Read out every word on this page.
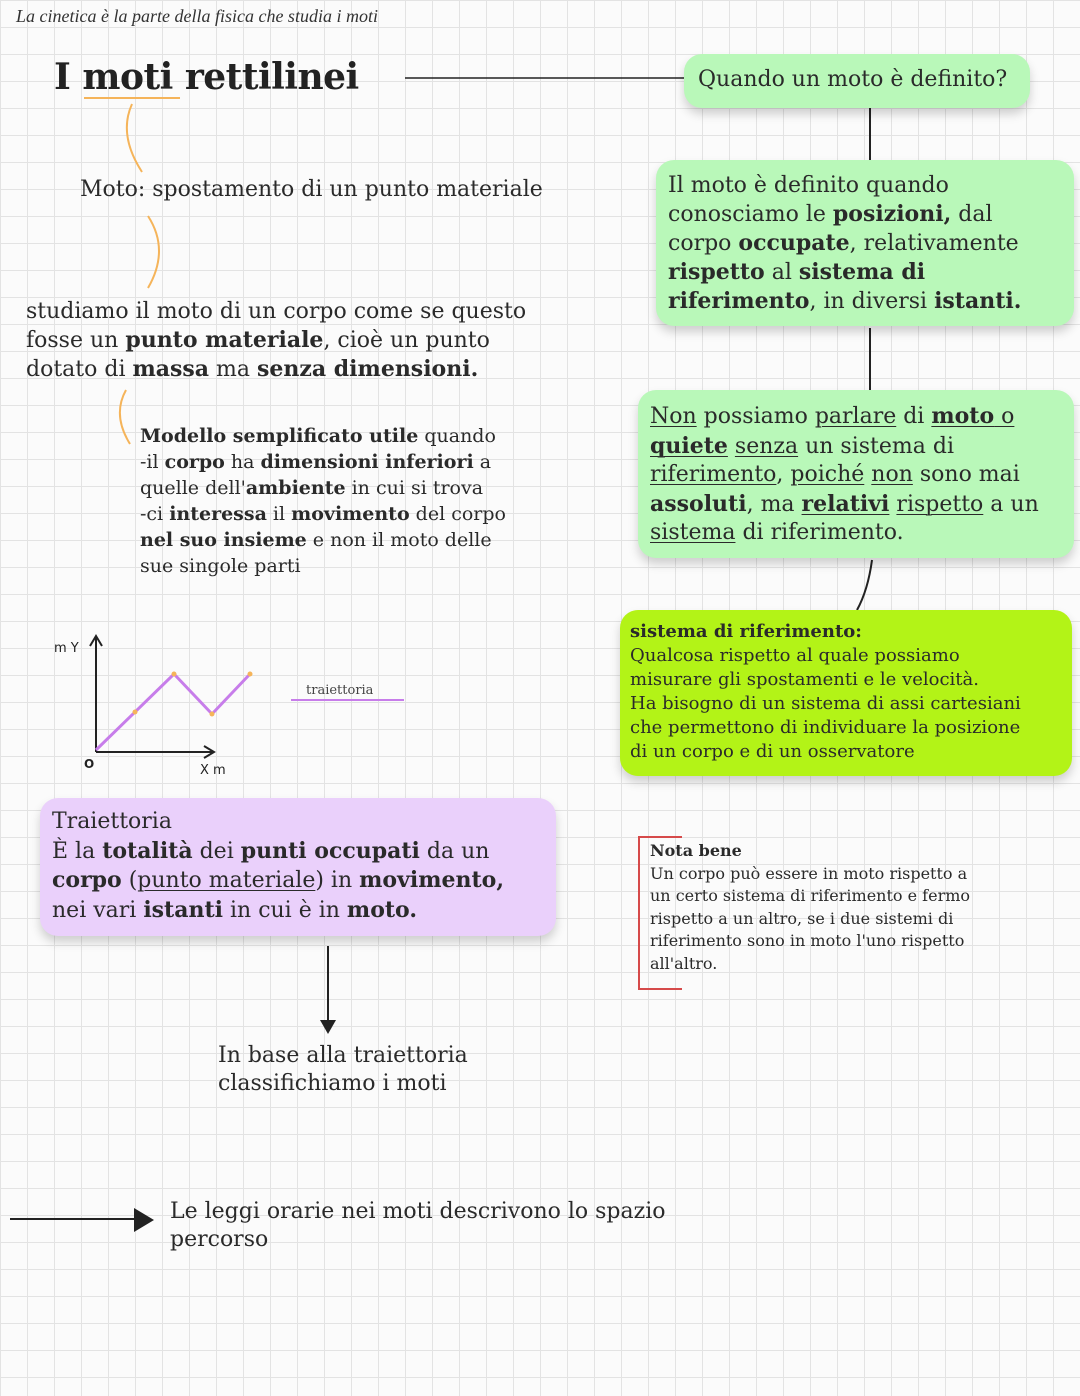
La cinetica è la parte della fisica che studia i moti
I moti rettilinei
Moto: spostamento di un punto materiale
studiamo il moto di un corpo come se questo
fosse un punto materiale, cioè un punto
dotato di massa ma senza dimensioni.
Modello semplificato utile quando
-il corpo ha dimensioni inferiori a
quelle dell'ambiente in cui si trova
-ci interessa il movimento del corpo
nel suo insieme e non il moto delle
sue singole parti
m Y
X m
O
traiettoria
Traiettoria
È la totalità dei punti occupati da un
corpo (punto materiale) in movimento,
nei vari istanti in cui è in moto.
In base alla traiettoria
classifichiamo i moti
Le leggi orarie nei moti descrivono lo spazio
percorso
Quando un moto è definito?
Il moto è definito quando
conosciamo le posizioni, dal
corpo occupate, relativamente
rispetto al sistema di
riferimento, in diversi istanti.
Non possiamo parlare di moto o
quiete senza un sistema di
riferimento, poiché non sono mai
assoluti, ma relativi rispetto a un
sistema di riferimento.
sistema di riferimento:
Qualcosa rispetto al quale possiamo
misurare gli spostamenti e le velocità.
Ha bisogno di un sistema di assi cartesiani
che permettono di individuare la posizione
di un corpo e di un osservatore
Nota bene
Un corpo può essere in moto rispetto a
un certo sistema di riferimento e fermo
rispetto a un altro, se i due sistemi di
riferimento sono in moto l'uno rispetto
all'altro.
